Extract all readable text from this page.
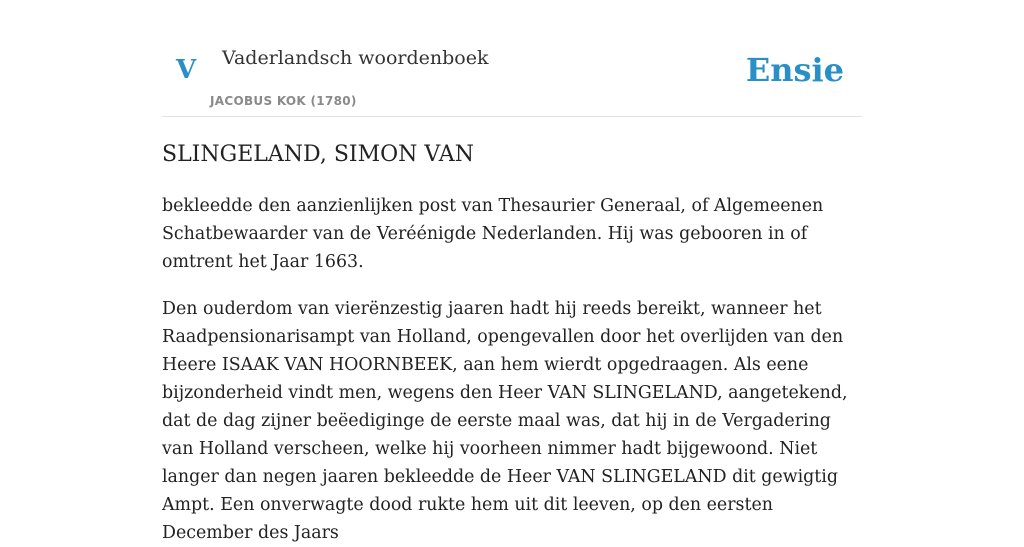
V Vaderlandsch woordenboek
JACOBUS KOK (1780)
Ensie
SLINGELAND, SIMON VAN

bekleedde den aanzienlijken post van Thesaurier Generaal, of Algemeenen Schatbewaarder van de Veréénigde Nederlanden. Hij was gebooren in of omtrent het Jaar 1663.

Den ouderdom van vierënzestig jaaren hadt hij reeds bereikt, wanneer het Raadpensionarisampt van Holland, opengevallen door het overlijden van den Heere ISAAK VAN HOORNBEEK, aan hem wierdt opgedraagen. Als eene bijzonderheid vindt men, wegens den Heer VAN SLINGELAND, aangetekend, dat de dag zijner beëediginge de eerste maal was, dat hij in de Vergadering van Holland verscheen, welke hij voorheen nimmer hadt bijgewoond. Niet langer dan negen jaaren bekleedde de Heer VAN SLINGELAND dit gewigtig Ampt. Een onverwagte dood rukte hem uit dit leeven, op den eersten December des Jaars
